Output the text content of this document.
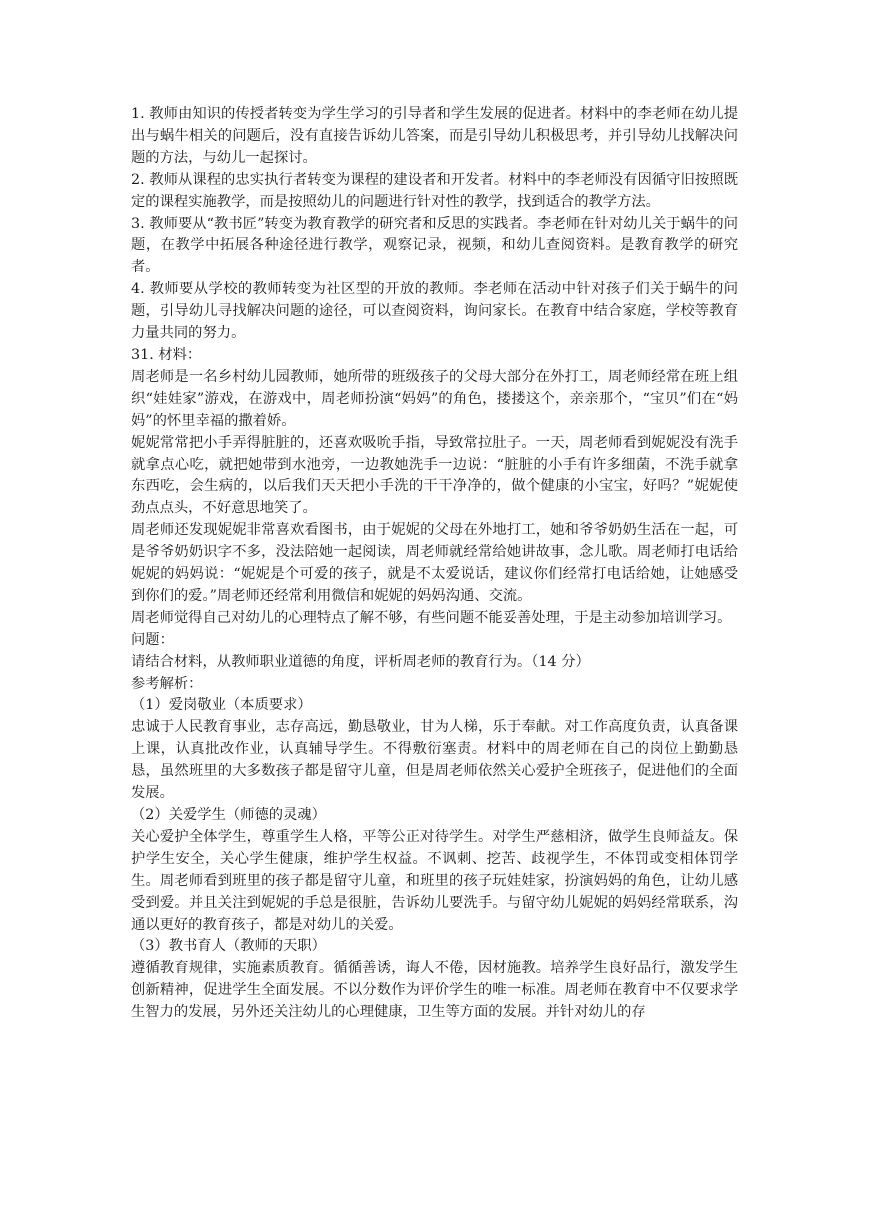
1. 教师由知识的传授者转变为学生学习的引导者和学生发展的促进者。材料中的李老师在幼儿提出与蜗牛相关的问题后，没有直接告诉幼儿答案，而是引导幼儿积极思考，并引导幼儿找解决问题的方法，与幼儿一起探讨。

2. 教师从课程的忠实执行者转变为课程的建设者和开发者。材料中的李老师没有因循守旧按照既定的课程实施教学，而是按照幼儿的问题进行针对性的教学，找到适合的教学方法。

3. 教师要从“教书匠”转变为教育教学的研究者和反思的实践者。李老师在针对幼儿关于蜗牛的问题，在教学中拓展各种途径进行教学，观察记录，视频，和幼儿查阅资料。是教育教学的研究者。

4. 教师要从学校的教师转变为社区型的开放的教师。李老师在活动中针对孩子们关于蜗牛的问题，引导幼儿寻找解决问题的途径，可以查阅资料，询问家长。在教育中结合家庭，学校等教育力量共同的努力。

31. 材料：

周老师是一名乡村幼儿园教师，她所带的班级孩子的父母大部分在外打工，周老师经常在班上组织“娃娃家”游戏，在游戏中，周老师扮演“妈妈”的角色，搂搂这个，亲亲那个，“宝贝”们在“妈妈”的怀里幸福的撒着娇。

妮妮常常把小手弄得脏脏的，还喜欢吸吮手指，导致常拉肚子。一天，周老师看到妮妮没有洗手就拿点心吃，就把她带到水池旁，一边教她洗手一边说：“脏脏的小手有许多细菌，不洗手就拿东西吃，会生病的，以后我们天天把小手洗的干干净净的，做个健康的小宝宝，好吗？”妮妮使劲点点头，不好意思地笑了。

周老师还发现妮妮非常喜欢看图书，由于妮妮的父母在外地打工，她和爷爷奶奶生活在一起，可是爷爷奶奶识字不多，没法陪她一起阅读，周老师就经常给她讲故事，念儿歌。周老师打电话给妮妮的妈妈说：“妮妮是个可爱的孩子，就是不太爱说话，建议你们经常打电话给她，让她感受到你们的爱。”周老师还经常利用微信和妮妮的妈妈沟通、交流。

周老师觉得自己对幼儿的心理特点了解不够，有些问题不能妥善处理，于是主动参加培训学习。

问题：

请结合材料，从教师职业道德的角度，评析周老师的教育行为。（14 分）

参考解析：

（1）爱岗敬业（本质要求）

忠诚于人民教育事业，志存高远，勤恳敬业，甘为人梯，乐于奉献。对工作高度负责，认真备课上课，认真批改作业，认真辅导学生。不得敷衍塞责。材料中的周老师在自己的岗位上勤勤恳恳，虽然班里的大多数孩子都是留守儿童，但是周老师依然关心爱护全班孩子，促进他们的全面发展。

（2）关爱学生（师德的灵魂）

关心爱护全体学生，尊重学生人格，平等公正对待学生。对学生严慈相济，做学生良师益友。保护学生安全，关心学生健康，维护学生权益。不讽刺、挖苦、歧视学生，不体罚或变相体罚学生。周老师看到班里的孩子都是留守儿童，和班里的孩子玩娃娃家，扮演妈妈的角色，让幼儿感受到爱。并且关注到妮妮的手总是很脏，告诉幼儿要洗手。与留守幼儿妮妮的妈妈经常联系，沟通以更好的教育孩子，都是对幼儿的关爱。

（3）教书育人（教师的天职）

遵循教育规律，实施素质教育。循循善诱，诲人不倦，因材施教。培养学生良好品行，激发学生创新精神，促进学生全面发展。不以分数作为评价学生的唯一标准。周老师在教育中不仅要求学生智力的发展，另外还关注幼儿的心理健康，卫生等方面的发展。并针对幼儿的存
